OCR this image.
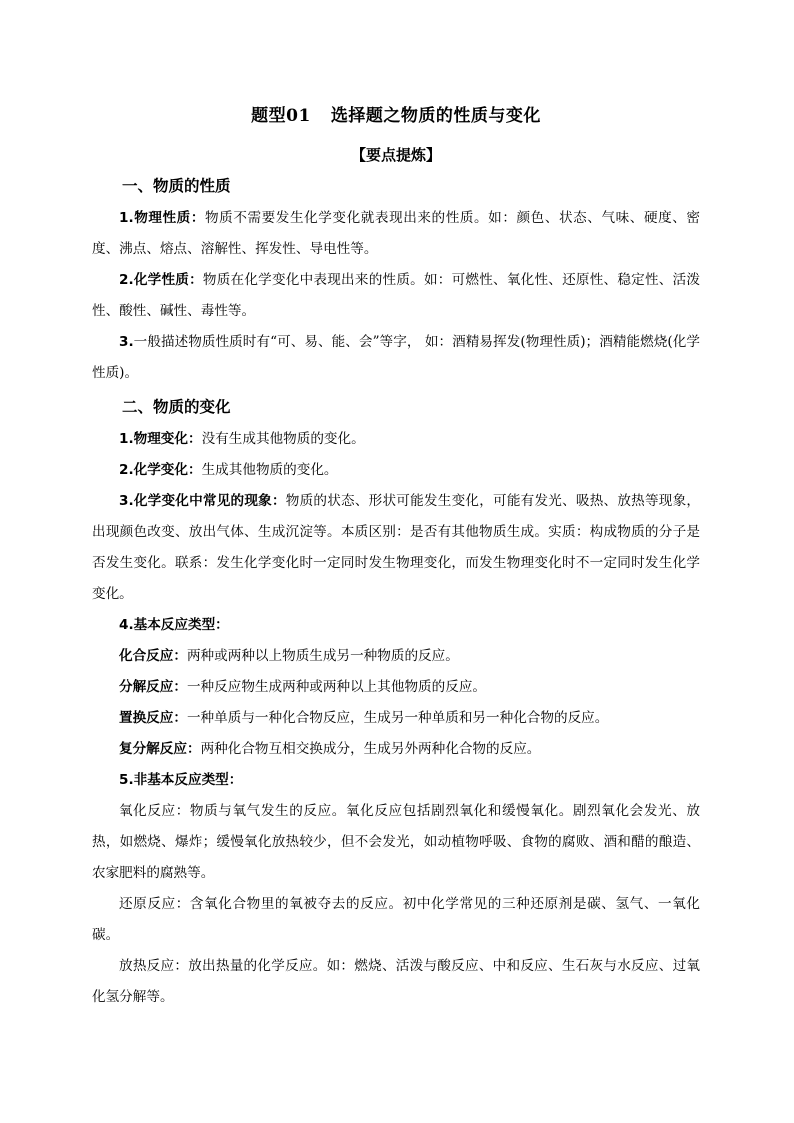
题型01 选择题之物质的性质与变化
【要点提炼】
一、物质的性质

1.物理性质：物质不需要发生化学变化就表现出来的性质。如：颜色、状态、气味、硬度、密度、沸点、熔点、溶解性、挥发性、导电性等。

2.化学性质：物质在化学变化中表现出来的性质。如：可燃性、氧化性、还原性、稳定性、活泼性、酸性、碱性、毒性等。

3.一般描述物质性质时有“可、易、能、会”等字， 如：酒精易挥发(物理性质)；酒精能燃烧(化学性质)。

二、物质的变化

1.物理变化：没有生成其他物质的变化。

2.化学变化：生成其他物质的变化。

3.化学变化中常见的现象：物质的状态、形状可能发生变化，可能有发光、吸热、放热等现象，出现颜色改变、放出气体、生成沉淀等。本质区别：是否有其他物质生成。实质：构成物质的分子是否发生变化。联系：发生化学变化时一定同时发生物理变化，而发生物理变化时不一定同时发生化学变化。

4.基本反应类型：

化合反应：两种或两种以上物质生成另一种物质的反应。

分解反应：一种反应物生成两种或两种以上其他物质的反应。

置换反应：一种单质与一种化合物反应，生成另一种单质和另一种化合物的反应。

复分解反应：两种化合物互相交换成分，生成另外两种化合物的反应。

5.非基本反应类型：

氧化反应：物质与氧气发生的反应。氧化反应包括剧烈氧化和缓慢氧化。剧烈氧化会发光、放热，如燃烧、爆炸；缓慢氧化放热较少，但不会发光，如动植物呼吸、食物的腐败、酒和醋的酿造、农家肥料的腐熟等。

还原反应：含氧化合物里的氧被夺去的反应。初中化学常见的三种还原剂是碳、氢气、一氧化碳。

放热反应：放出热量的化学反应。如：燃烧、活泼与酸反应、中和反应、生石灰与水反应、过氧化氢分解等。
